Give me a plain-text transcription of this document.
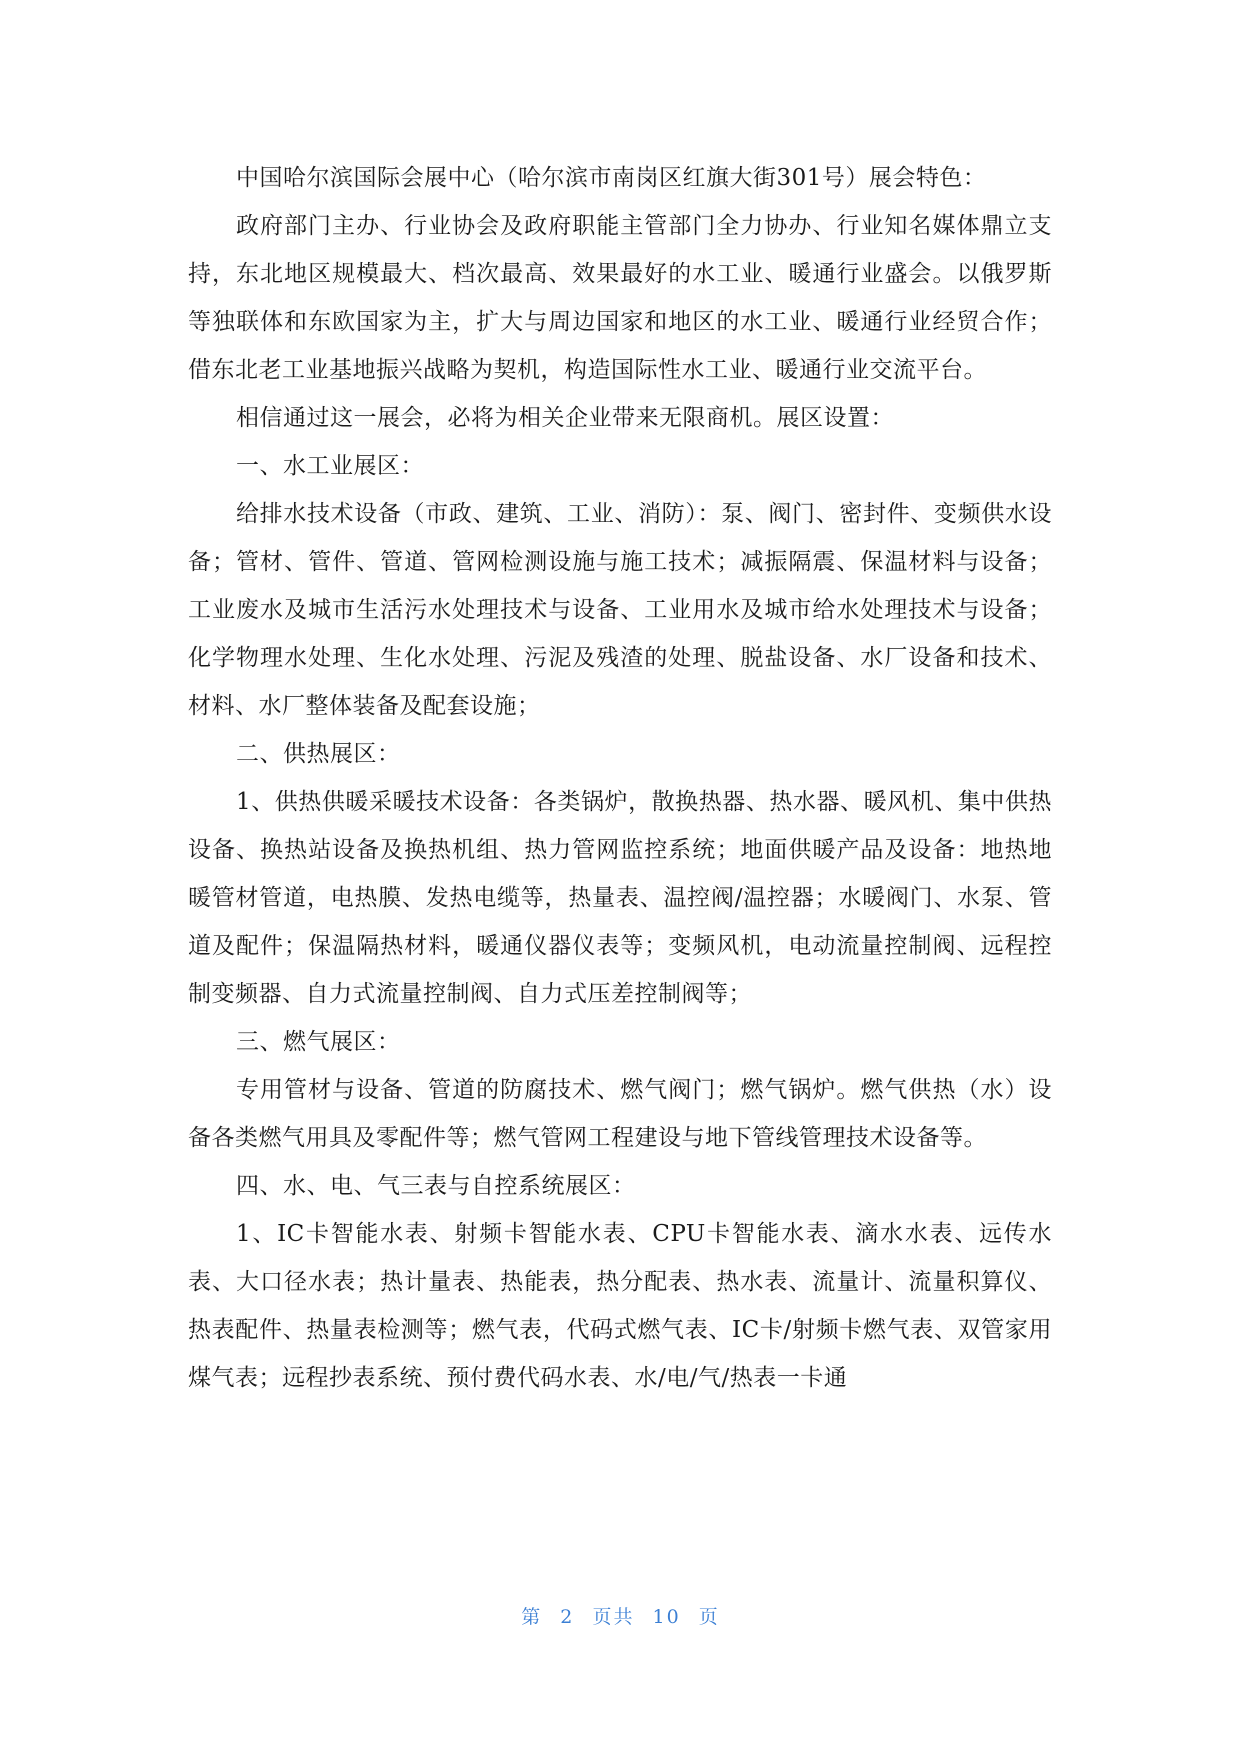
中国哈尔滨国际会展中心（哈尔滨市南岗区红旗大街301号）展会特色：

政府部门主办、行业协会及政府职能主管部门全力协办、行业知名媒体鼎立支持，东北地区规模最大、档次最高、效果最好的水工业、暖通行业盛会。以俄罗斯等独联体和东欧国家为主，扩大与周边国家和地区的水工业、暖通行业经贸合作；借东北老工业基地振兴战略为契机，构造国际性水工业、暖通行业交流平台。

相信通过这一展会，必将为相关企业带来无限商机。展区设置：

一、水工业展区：

给排水技术设备（市政、建筑、工业、消防）：泵、阀门、密封件、变频供水设备；管材、管件、管道、管网检测设施与施工技术；减振隔震、保温材料与设备；工业废水及城市生活污水处理技术与设备、工业用水及城市给水处理技术与设备；化学物理水处理、生化水处理、污泥及残渣的处理、脱盐设备、水厂设备和技术、材料、水厂整体装备及配套设施；

二、供热展区：

1、供热供暖采暖技术设备：各类锅炉，散换热器、热水器、暖风机、集中供热设备、换热站设备及换热机组、热力管网监控系统；地面供暖产品及设备：地热地暖管材管道，电热膜、发热电缆等，热量表、温控阀/温控器；水暖阀门、水泵、管道及配件；保温隔热材料，暖通仪器仪表等；变频风机，电动流量控制阀、远程控制变频器、自力式流量控制阀、自力式压差控制阀等；

三、燃气展区：

专用管材与设备、管道的防腐技术、燃气阀门；燃气锅炉。燃气供热（水）设备各类燃气用具及零配件等；燃气管网工程建设与地下管线管理技术设备等。

四、水、电、气三表与自控系统展区：

1、IC卡智能水表、射频卡智能水表、CPU卡智能水表、滴水水表、远传水表、大口径水表；热计量表、热能表，热分配表、热水表、流量计、流量积算仪、热表配件、热量表检测等；燃气表，代码式燃气表、IC卡/射频卡燃气表、双管家用煤气表；远程抄表系统、预付费代码水表、水/电/气/热表一卡通

第 2 页共 10 页
